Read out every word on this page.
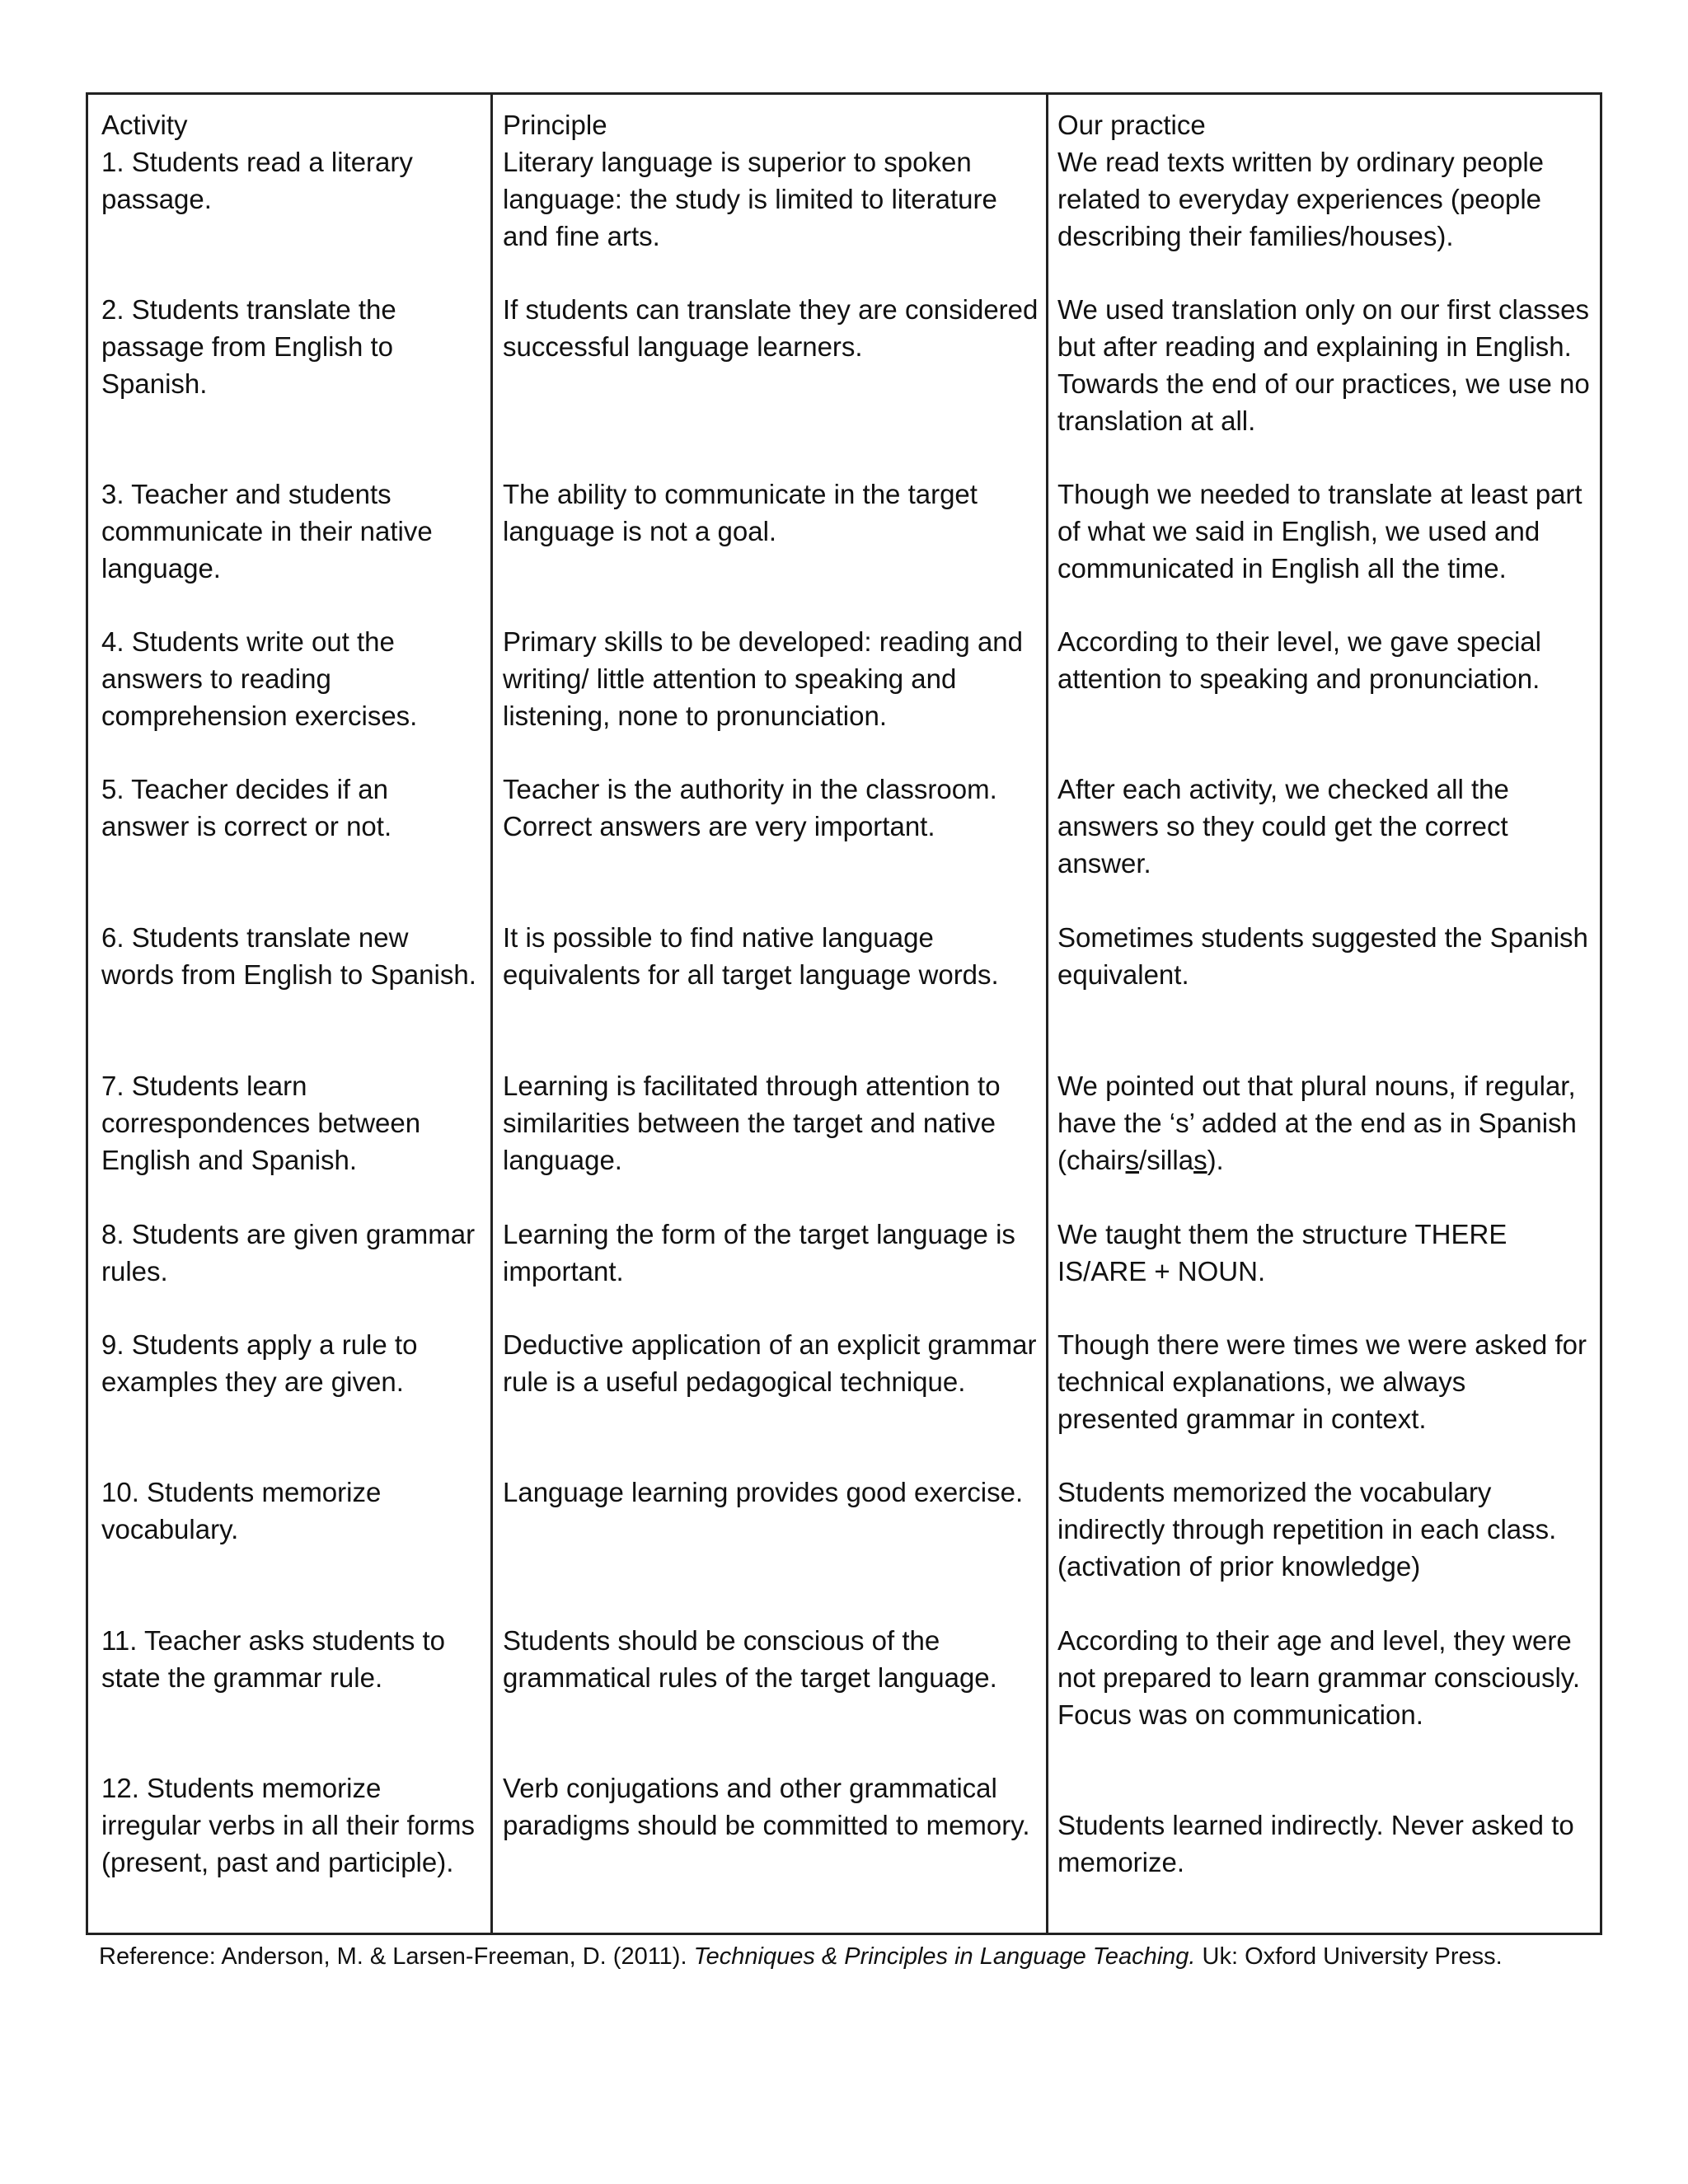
Activity
1. Students read a literary passage.
Principle
Literary language is superior to spoken language: the study is limited to literature and fine arts.
Our practice
We read texts written by ordinary people related to everyday experiences (people describing their families/houses).
2. Students translate the passage from English to Spanish.
If students can translate they are considered successful language learners.
We used translation only on our first classes but after reading and explaining in English. Towards the end of our practices, we use no translation at all.
3. Teacher and students communicate in their native language.
The ability to communicate in the target language is not a goal.
Though we needed to translate at least part of what we said in English, we used and communicated in English all the time.
4. Students write out the answers to reading comprehension exercises.
Primary skills to be developed: reading and writing/ little attention to speaking and listening, none to pronunciation.
According to their level, we gave special attention to speaking and pronunciation.
5. Teacher decides if an answer is correct or not.
Teacher is the authority in the classroom. Correct answers are very important.
After each activity, we checked all the answers so they could get the correct answer.
6. Students translate new words from English to Spanish.
It is possible to find native language equivalents for all target language words.
Sometimes students suggested the Spanish equivalent.
7. Students learn correspondences between English and Spanish.
Learning is facilitated through attention to similarities between the target and native language.
We pointed out that plural nouns, if regular, have the ‘s’ added at the end as in Spanish (chairs/sillas).
8. Students are given grammar rules.
Learning the form of the target language is important.
We taught them the structure THERE IS/ARE + NOUN.
9. Students apply a rule to examples they are given.
Deductive application of an explicit grammar rule is a useful pedagogical technique.
Though there were times we were asked for technical explanations, we always presented grammar in context.
10. Students memorize vocabulary.
Language learning provides good exercise.	Students memorized the vocabulary indirectly through repetition in each class. (activation of prior knowledge)
11. Teacher asks students to state the grammar rule.
Students should be conscious of the grammatical rules of the target language.
According to their age and level, they were not prepared to learn grammar consciously. Focus was on communication.
12. Students memorize irregular verbs in all their forms (present, past and participle).
Verb conjugations and other grammatical paradigms should be committed to memory.	Students learned indirectly. Never asked to memorize.
Reference: Anderson, M. & Larsen-Freeman, D. (2011). Techniques & Principles in Language Teaching. Uk: Oxford University Press.
